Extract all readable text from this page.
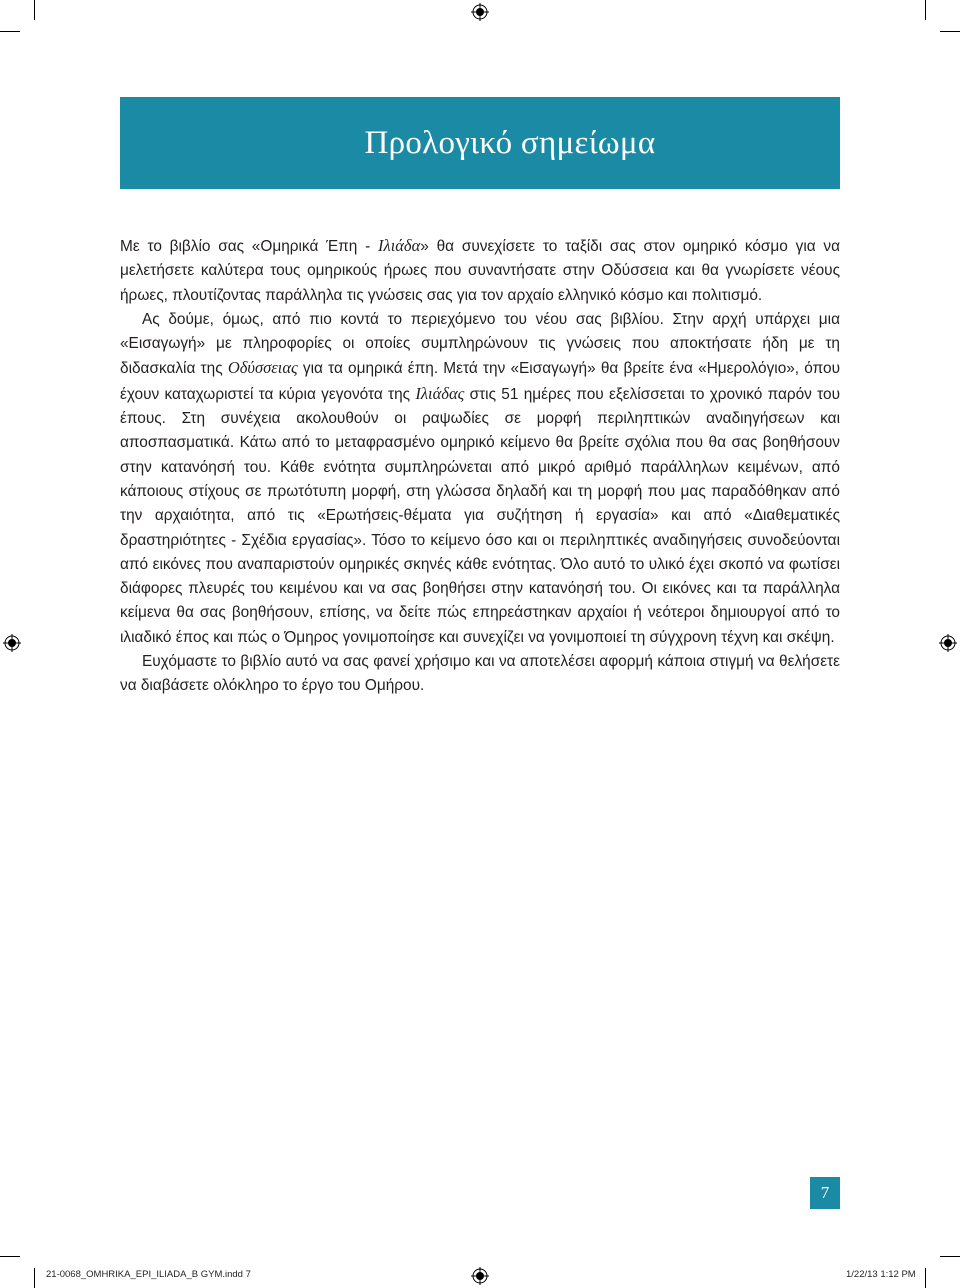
Προλογικό σημείωμα

Με το βιβλίο σας «Ομηρικά Έπη - Ιλιάδα» θα συνεχίσετε το ταξίδι σας στον ομηρικό κόσμο για να μελετήσετε καλύτερα τους ομηρικούς ήρωες που συναντήσατε στην Οδύσσεια και θα γνωρίσετε νέους ήρωες, πλουτίζοντας παράλληλα τις γνώσεις σας για τον αρχαίο ελληνικό κόσμο και πολιτισμό.

Ας δούμε, όμως, από πιο κοντά το περιεχόμενο του νέου σας βιβλίου. Στην αρχή υπάρχει μια «Εισαγωγή» με πληροφορίες οι οποίες συμπληρώνουν τις γνώσεις που αποκτήσατε ήδη με τη διδασκαλία της Οδύσσειας για τα ομηρικά έπη. Μετά την «Εισαγωγή» θα βρείτε ένα «Ημερολόγιο», όπου έχουν καταχωριστεί τα κύρια γεγονότα της Ιλιάδας στις 51 ημέρες που εξελίσσεται το χρονικό παρόν του έπους. Στη συνέχεια ακολουθούν οι ραψωδίες σε μορφή περιληπτικών αναδιηγήσεων και αποσπασματικά. Κάτω από το μεταφρασμένο ομηρικό κείμενο θα βρείτε σχόλια που θα σας βοηθήσουν στην κατανόησή του. Κάθε ενότητα συμπληρώνεται από μικρό αριθμό παράλληλων κειμένων, από κάποιους στίχους σε πρωτότυπη μορφή, στη γλώσσα δηλαδή και τη μορφή που μας παραδόθηκαν από την αρχαιότητα, από τις «Ερωτήσεις-θέματα για συζήτηση ή εργασία» και από «Διαθεματικές δραστηριότητες - Σχέδια εργασίας». Τόσο το κείμενο όσο και οι περιληπτικές αναδιηγήσεις συνοδεύονται από εικόνες που αναπαριστούν ομηρικές σκηνές κάθε ενότητας. Όλο αυτό το υλικό έχει σκοπό να φωτίσει διάφορες πλευρές του κειμένου και να σας βοηθήσει στην κατανόησή του. Οι εικόνες και τα παράλληλα κείμενα θα σας βοηθήσουν, επίσης, να δείτε πώς επηρεάστηκαν αρχαίοι ή νεότεροι δημιουργοί από το ιλιαδικό έπος και πώς ο Όμηρος γονιμοποίησε και συνεχίζει να γονιμοποιεί τη σύγχρονη τέχνη και σκέψη.

Ευχόμαστε το βιβλίο αυτό να σας φανεί χρήσιμο και να αποτελέσει αφορμή κάποια στιγμή να θελήσετε να διαβάσετε ολόκληρο το έργο του Ομήρου.

7
21-0068_OMHRIKA_EPI_ILIADA_B GYM.indd 7	1/22/13 1:12 PM
